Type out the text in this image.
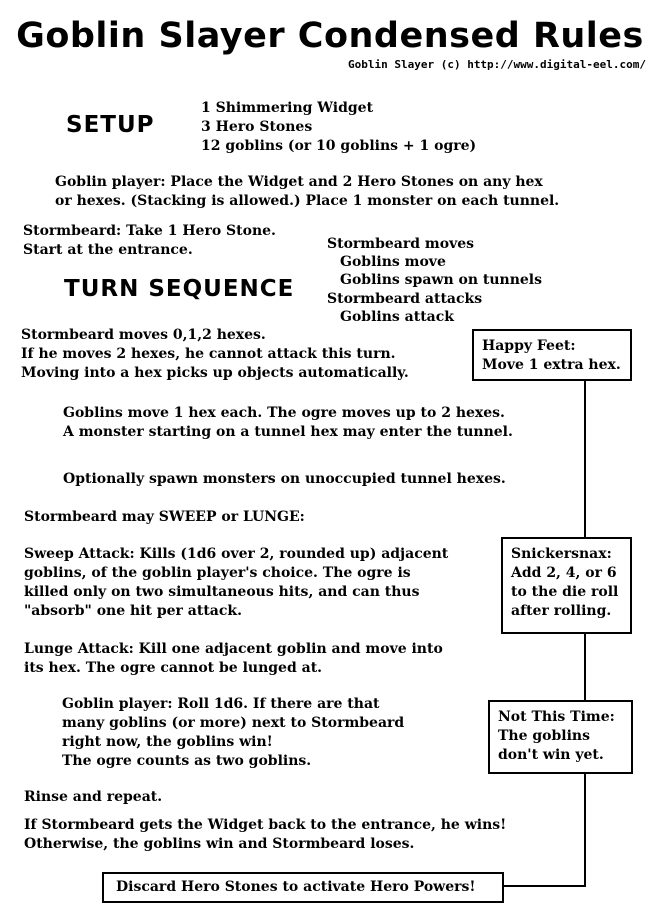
Goblin Slayer Condensed Rules
Goblin Slayer (c) http://www.digital-eel.com/
SETUP
1 Shimmering Widget
3 Hero Stones
12 goblins (or 10 goblins + 1 ogre)
Goblin player: Place the Widget and 2 Hero Stones on any hex
or hexes. (Stacking is allowed.) Place 1 monster on each tunnel.
Stormbeard: Take 1 Hero Stone.
Start at the entrance.
TURN SEQUENCE
Stormbeard moves
Goblins move
Goblins spawn on tunnels
Stormbeard attacks
Goblins attack
Stormbeard moves 0,1,2 hexes.
If he moves 2 hexes, he cannot attack this turn.
Moving into a hex picks up objects automatically.
Goblins move 1 hex each. The ogre moves up to 2 hexes.
A monster starting on a tunnel hex may enter the tunnel.
Optionally spawn monsters on unoccupied tunnel hexes.
Stormbeard may SWEEP or LUNGE:
Sweep Attack: Kills (1d6 over 2, rounded up) adjacent
goblins, of the goblin player's choice. The ogre is
killed only on two simultaneous hits, and can thus
"absorb" one hit per attack.
Lunge Attack: Kill one adjacent goblin and move into
its hex. The ogre cannot be lunged at.
Goblin player: Roll 1d6. If there are that
many goblins (or more) next to Stormbeard
right now, the goblins win!
The ogre counts as two goblins.
Rinse and repeat.
If Stormbeard gets the Widget back to the entrance, he wins!
Otherwise, the goblins win and Stormbeard loses.
Happy Feet:
Move 1 extra hex.
Snickersnax:
Add 2, 4, or 6
to the die roll
after rolling.
Not This Time:
The goblins
don't win yet.
Discard Hero Stones to activate Hero Powers!
